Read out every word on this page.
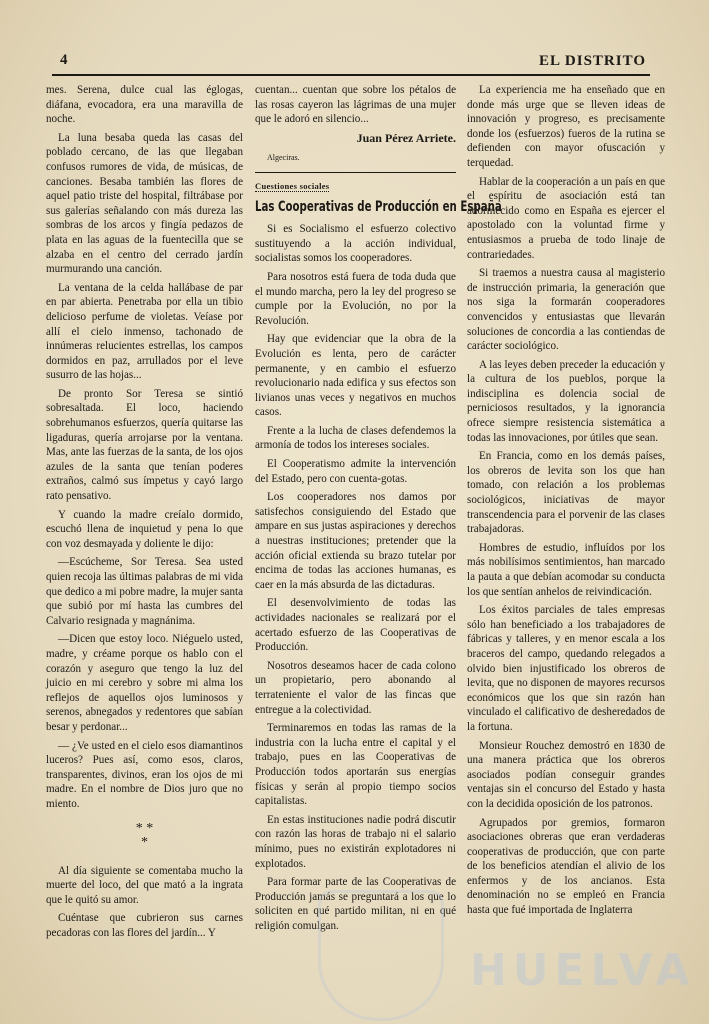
4	EL DISTRITO

mes. Serena, dulce cual las églogas, diáfana, evocadora, era una maravilla de noche.

La luna besaba queda las casas del poblado cercano, de las que llegaban confusos rumores de vida, de músicas, de canciones. Besaba también las flores de aquel patio triste del hospital, filtrábase por sus galerías señalando con más dureza las sombras de los arcos y fingía pedazos de plata en las aguas de la fuentecilla que se alzaba en el centro del cerrado jardín murmurando una canción.

La ventana de la celda hallábase de par en par abierta. Penetraba por ella un tibio delicioso perfume de violetas. Veíase por allí el cielo inmenso, tachonado de innúmeras relucientes estrellas, los campos dormidos en paz, arrullados por el leve susurro de las hojas...

De pronto Sor Teresa se sintió sobresaltada. El loco, haciendo sobrehumanos esfuerzos, quería quitarse las ligaduras, quería arrojarse por la ventana. Mas, ante las fuerzas de la santa, de los ojos azules de la santa que tenían poderes extraños, calmó sus ímpetus y cayó largo rato pensativo.

Y cuando la madre creíalo dormido, escuchó llena de inquietud y pena lo que con voz desmayada y doliente le dijo:

—Escúcheme, Sor Teresa. Sea usted quien recoja las últimas palabras de mi vida que dedico a mi pobre madre, la mujer santa que subió por mí hasta las cumbres del Calvario resignada y magnánima.

—Dicen que estoy loco. Niéguelo usted, madre, y créame porque os hablo con el corazón y aseguro que tengo la luz del juicio en mi cerebro y sobre mi alma los reflejos de aquellos ojos luminosos y serenos, abnegados y redentores que sabían besar y perdonar...

— ¿Ve usted en el cielo esos diamantinos luceros? Pues así, como esos, claros, transparentes, divinos, eran los ojos de mi madre. En el nombre de Dios juro que no miento.

* *
*

Al día siguiente se comentaba mucho la muerte del loco, del que mató a la ingrata que le quitó su amor.

Cuéntase que cubrieron sus carnes pecadoras con las flores del jardín... Y

cuentan... cuentan que sobre los pétalos de las rosas cayeron las lágrimas de una mujer que le adoró en silencio...

Juan Pérez Arriete.
Algeciras.
Cuestiones sociales
Las Cooperativas de Producción en España

Si es Socialismo el esfuerzo colectivo sustituyendo a la acción individual, socialistas somos los cooperadores.

Para nosotros está fuera de toda duda que el mundo marcha, pero la ley del progreso se cumple por la Evolución, no por la Revolución.

Hay que evidenciar que la obra de la Evolución es lenta, pero de carácter permanente, y en cambio el esfuerzo revolucionario nada edifica y sus efectos son livianos unas veces y negativos en muchos casos.

Frente a la lucha de clases defendemos la armonía de todos los intereses sociales.

El Cooperatismo admite la intervención del Estado, pero con cuenta-gotas.

Los cooperadores nos damos por satisfechos consiguiendo del Estado que ampare en sus justas aspiraciones y derechos a nuestras instituciones; pretender que la acción oficial extienda su brazo tutelar por encima de todas las acciones humanas, es caer en la más absurda de las dictaduras.

El desenvolvimiento de todas las actividades nacionales se realizará por el acertado esfuerzo de las Cooperativas de Producción.

Nosotros deseamos hacer de cada colono un propietario, pero abonando al terrateniente el valor de las fincas que entregue a la colectividad.

Terminaremos en todas las ramas de la industria con la lucha entre el capital y el trabajo, pues en las Cooperativas de Producción todos aportarán sus energías físicas y serán al propio tiempo socios capitalistas.

En estas instituciones nadie podrá discutir con razón las horas de trabajo ni el salario mínimo, pues no existirán explotadores ni explotados.

Para formar parte de las Cooperativas de Producción jamás se preguntará a los que lo soliciten en qué partido militan, ni en qué religión comulgan.

La experiencia me ha enseñado que en donde más urge que se lleven ideas de innovación y progreso, es precisamente donde los (esfuerzos) fueros de la rutina se defienden con mayor ofuscación y terquedad.

Hablar de la cooperación a un país en que el espíritu de asociación está tan adormecido como en España es ejercer el apostolado con la voluntad firme y entusiasmos a prueba de todo linaje de contrariedades.

Si traemos a nuestra causa al magisterio de instrucción primaria, la generación que nos siga la formarán cooperadores convencidos y entusiastas que llevarán soluciones de concordia a las contiendas de carácter sociológico.

A las leyes deben preceder la educación y la cultura de los pueblos, porque la indisciplina es dolencia social de perniciosos resultados, y la ignorancia ofrece siempre resistencia sistemática a todas las innovaciones, por útiles que sean.

En Francia, como en los demás países, los obreros de levita son los que han tomado, con relación a los problemas sociológicos, iniciativas de mayor transcendencia para el porvenir de las clases trabajadoras.

Hombres de estudio, influídos por los más nobilísimos sentimientos, han marcado la pauta a que debían acomodar su conducta los que sentían anhelos de reivindicación.

Los éxitos parciales de tales empresas sólo han beneficiado a los trabajadores de fábricas y talleres, y en menor escala a los braceros del campo, quedando relegados a olvido bien injustificado los obreros de levita, que no disponen de mayores recursos económicos que los que sin razón han vinculado el calificativo de desheredados de la fortuna.

Monsieur Rouchez demostró en 1830 de una manera práctica que los obreros asociados podían conseguir grandes ventajas sin el concurso del Estado y hasta con la decidida oposición de los patronos.

Agrupados por gremios, formaron asociaciones obreras que eran verdaderas cooperativas de producción, que con parte de los beneficios atendían el alivio de los enfermos y de los ancianos. Esta denominación no se empleó en Francia hasta que fué importada de Inglaterra

HUELVA
